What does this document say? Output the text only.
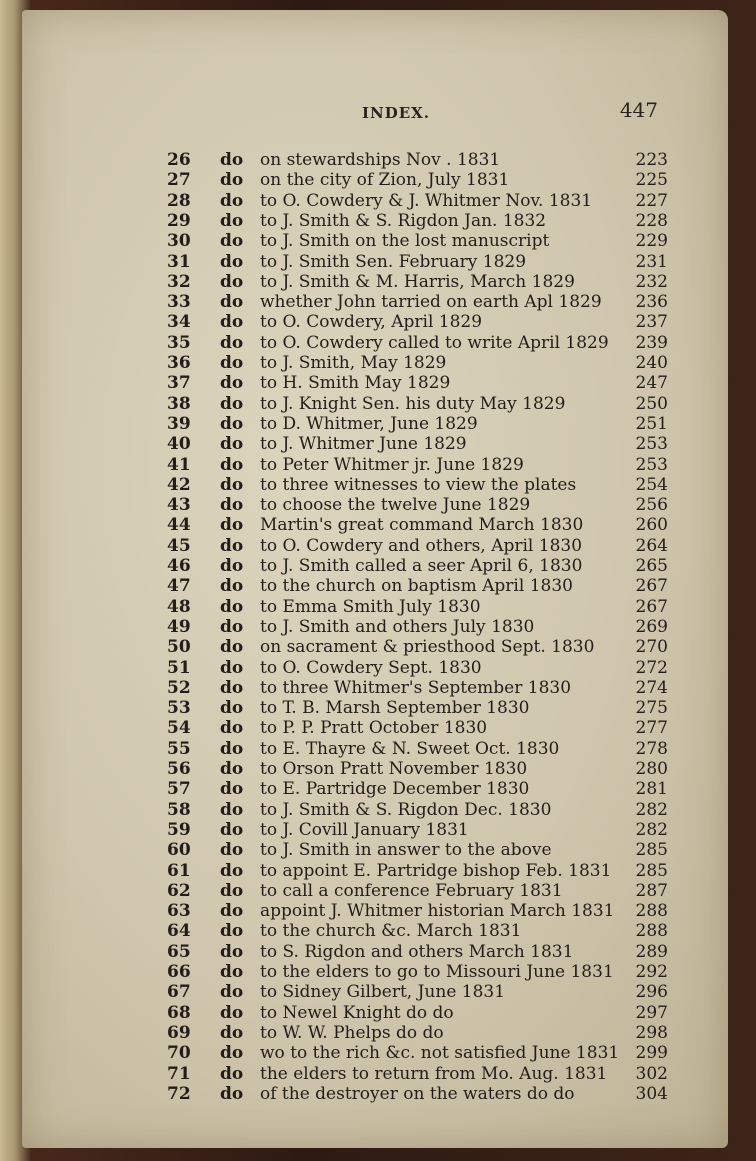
INDEX.	447
26	do on stewardships Nov . 1831	223
27	do on the city of Zion, July 1831	225
28	do to O. Cowdery & J. Whitmer Nov. 1831	227
29	do to J. Smith & S. Rigdon Jan. 1832	228
30	do to J. Smith on the lost manuscript	229
31	do to J. Smith Sen. February 1829	231
32	do to J. Smith & M. Harris, March 1829	232
33	do whether John tarried on earth Apl 1829	236
34	do to O. Cowdery, April 1829	237
35	do to O. Cowdery called to write April 1829	239
36	do to J. Smith, May 1829	240
37	do to H. Smith May 1829	247
38	do to J. Knight Sen. his duty May 1829	250
39	do to D. Whitmer, June 1829	251
40	do to J. Whitmer June 1829	253
41	do to Peter Whitmer jr. June 1829	253
42	do to three witnesses to view the plates	254
43	do to choose the twelve June 1829	256
44	do Martin's great command March 1830	260
45	do to O. Cowdery and others, April 1830	264
46	do to J. Smith called a seer April 6, 1830	265
47	do to the church on baptism April 1830	267
48	do to Emma Smith July 1830	267
49	do to J. Smith and others July 1830	269
50	do on sacrament & priesthood Sept. 1830	270
51	do to O. Cowdery Sept. 1830	272
52	do to three Whitmer's September 1830	274
53	do to T. B. Marsh September 1830	275
54	do to P. P. Pratt October 1830	277
55	do to E. Thayre & N. Sweet Oct. 1830	278
56	do to Orson Pratt November 1830	280
57	do to E. Partridge December 1830	281
58	do to J. Smith & S. Rigdon Dec. 1830	282
59	do to J. Covill January 1831	282
60	do to J. Smith in answer to the above	285
61	do to appoint E. Partridge bishop Feb. 1831	285
62	do to call a conference February 1831	287
63	do appoint J. Whitmer historian March 1831	288
64	do to the church &c. March 1831	288
65	do to S. Rigdon and others March 1831	289
66	do to the elders to go to Missouri June 1831	292
67	do to Sidney Gilbert, June 1831	296
68	do to Newel Knight do do	297
69	do to W. W. Phelps do do	298
70	do wo to the rich &c. not satisfied June 1831 299
71	do the elders to return from Mo. Aug. 1831	302
72	do of the destroyer on the waters do do	304
